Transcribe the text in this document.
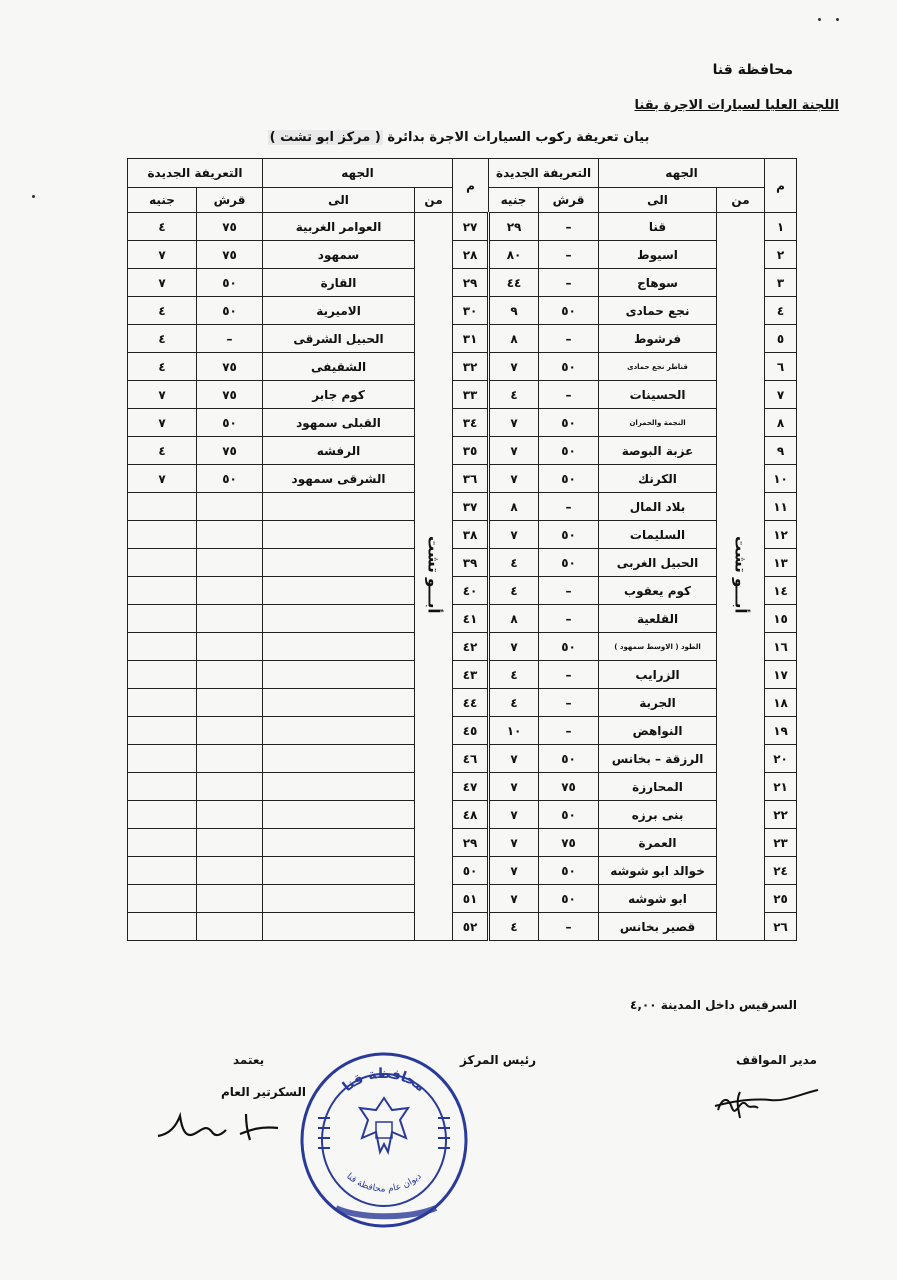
محافظة قنا
اللجنة العليا لسيارات الاجرة بقنا
بيان تعريفة ركوب السيارات الاجرة بدائرة ( مركز ابو تشت )
م	الجهه		التعريفة الجديدة		م	الجهه		التعريفة الجديدة	
	من	الى	قرش	جنيه		من	الى	قرش	جنيه
١	أبـــو تشت	قنا	–	٢٩	٢٧	أبـــو تشت	العوامر الغربية	٧٥	٤
٢		اسيوط	–	٨٠	٢٨		سمهود	٧٥	٧
٣		سوهاج	–	٤٤	٢٩		القارة	٥٠	٧
٤		نجع حمادى	٥٠	٩	٣٠		الاميرية	٥٠	٤
٥		فرشوط	–	٨	٣١		الحبيل الشرقى	–	٤
٦		قناطر نجع حمادى	٥٠	٧	٣٢		الشقيفى	٧٥	٤
٧		الحسينات	–	٤	٣٣		كوم جابر	٧٥	٧
٨		النجمة والحمران	٥٠	٧	٣٤		القبلى سمهود	٥٠	٧
٩		عزبة البوصة	٥٠	٧	٣٥		الرفشه	٧٥	٤
١٠		الكرنك	٥٠	٧	٣٦		الشرقى سمهود	٥٠	٧
١١		بلاد المال	–	٨	٣٧				
١٢		السليمات	٥٠	٧	٣٨				
١٣		الحبيل الغربى	٥٠	٤	٣٩				
١٤		كوم يعقوب	–	٤	٤٠				
١٥		القلعية	–	٨	٤١				
١٦		الطود ( الاوسط سمهود )	٥٠	٧	٤٢				
١٧		الزرايب	–	٤	٤٣				
١٨		الجربة	–	٤	٤٤				
١٩		النواهض	–	١٠	٤٥				
٢٠		الرزقة – بخانس	٥٠	٧	٤٦				
٢١		المحارزة	٧٥	٧	٤٧				
٢٢		بنى برزه	٥٠	٧	٤٨				
٢٣		العمرة	٧٥	٧	٢٩				
٢٤		خوالد ابو شوشه	٥٠	٧	٥٠				
٢٥		ابو شوشه	٥٠	٧	٥١				
٢٦		قصير بخانس	–	٤	٥٢				
السرفيس داخل المدينة ٤,٠٠
مدير المواقف
رئيس المركز
يعتمد
السكرتير العام محافظة قنا
ديوان عام محافظة قنا
